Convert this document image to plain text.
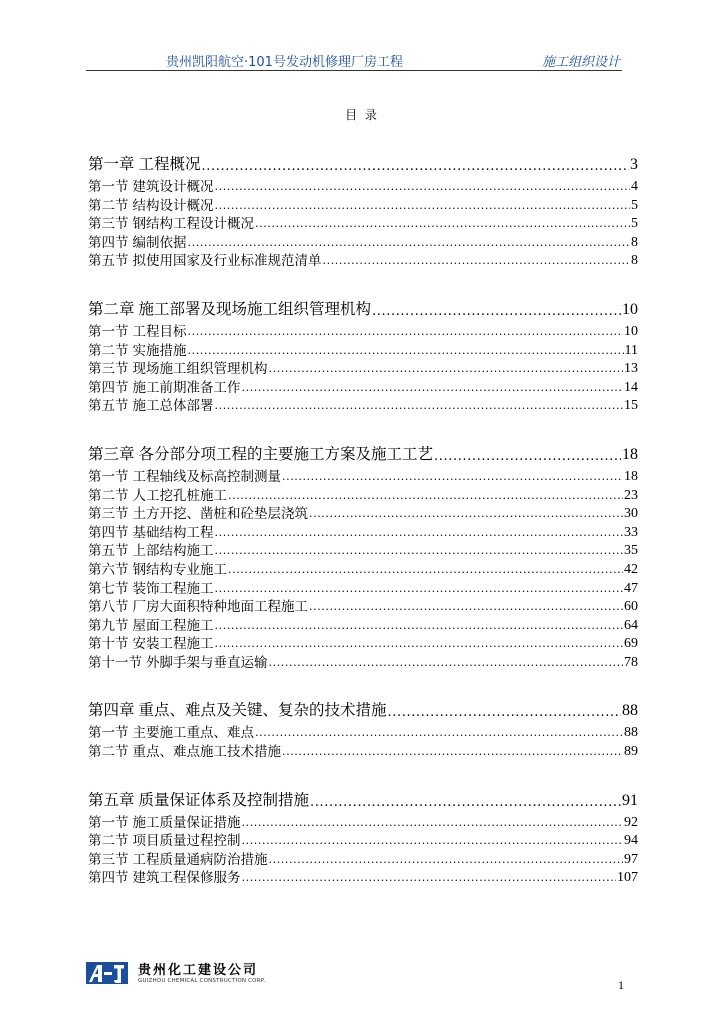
贵州凯阳航空·101号发动机修理厂房工程	施工组织设计
目 录
第一章 工程概况 .....	3
第一节 建筑设计概况 .....	4
第二节 结构设计概况 .....	5
第三节 钢结构工程设计概况 .....	5
第四节 编制依据 .....	8
第五节 拟使用国家及行业标准规范清单 .....	8
第二章 施工部署及现场施工组织管理机构 .....	10
第一节 工程目标 .....	10
第二节 实施措施 .....	11
第三节 现场施工组织管理机构 .....	13
第四节 施工前期准备工作 .....	14
第五节 施工总体部署 .....	15
第三章 各分部分项工程的主要施工方案及施工工艺 .....	18
第一节 工程轴线及标高控制测量 .....	18
第二节 人工挖孔桩施工 .....	23
第三节 土方开挖、凿桩和砼垫层浇筑 .....	30
第四节 基础结构工程 .....	33
第五节 上部结构施工 .....	35
第六节 钢结构专业施工 .....	42
第七节 装饰工程施工 .....	47
第八节 厂房大面积特种地面工程施工 .....	60
第九节 屋面工程施工 .....	64
第十节 安装工程施工 .....	69
第十一节 外脚手架与垂直运输 .....	78
第四章 重点、难点及关键、复杂的技术措施 .....	88
第一节 主要施工重点、难点 .....	88
第二节 重点、难点施工技术措施 .....	89
第五章 质量保证体系及控制措施 .....	91
第一节 施工质量保证措施 .....	92
第二节 项目质量过程控制 .....	94
第三节 工程质量通病防治措施 .....	97
第四节 建筑工程保修服务 .....	107
贵州化工建设公司
GUIZHOU CHEMICAL CONSTRUCTION CORP.	1
